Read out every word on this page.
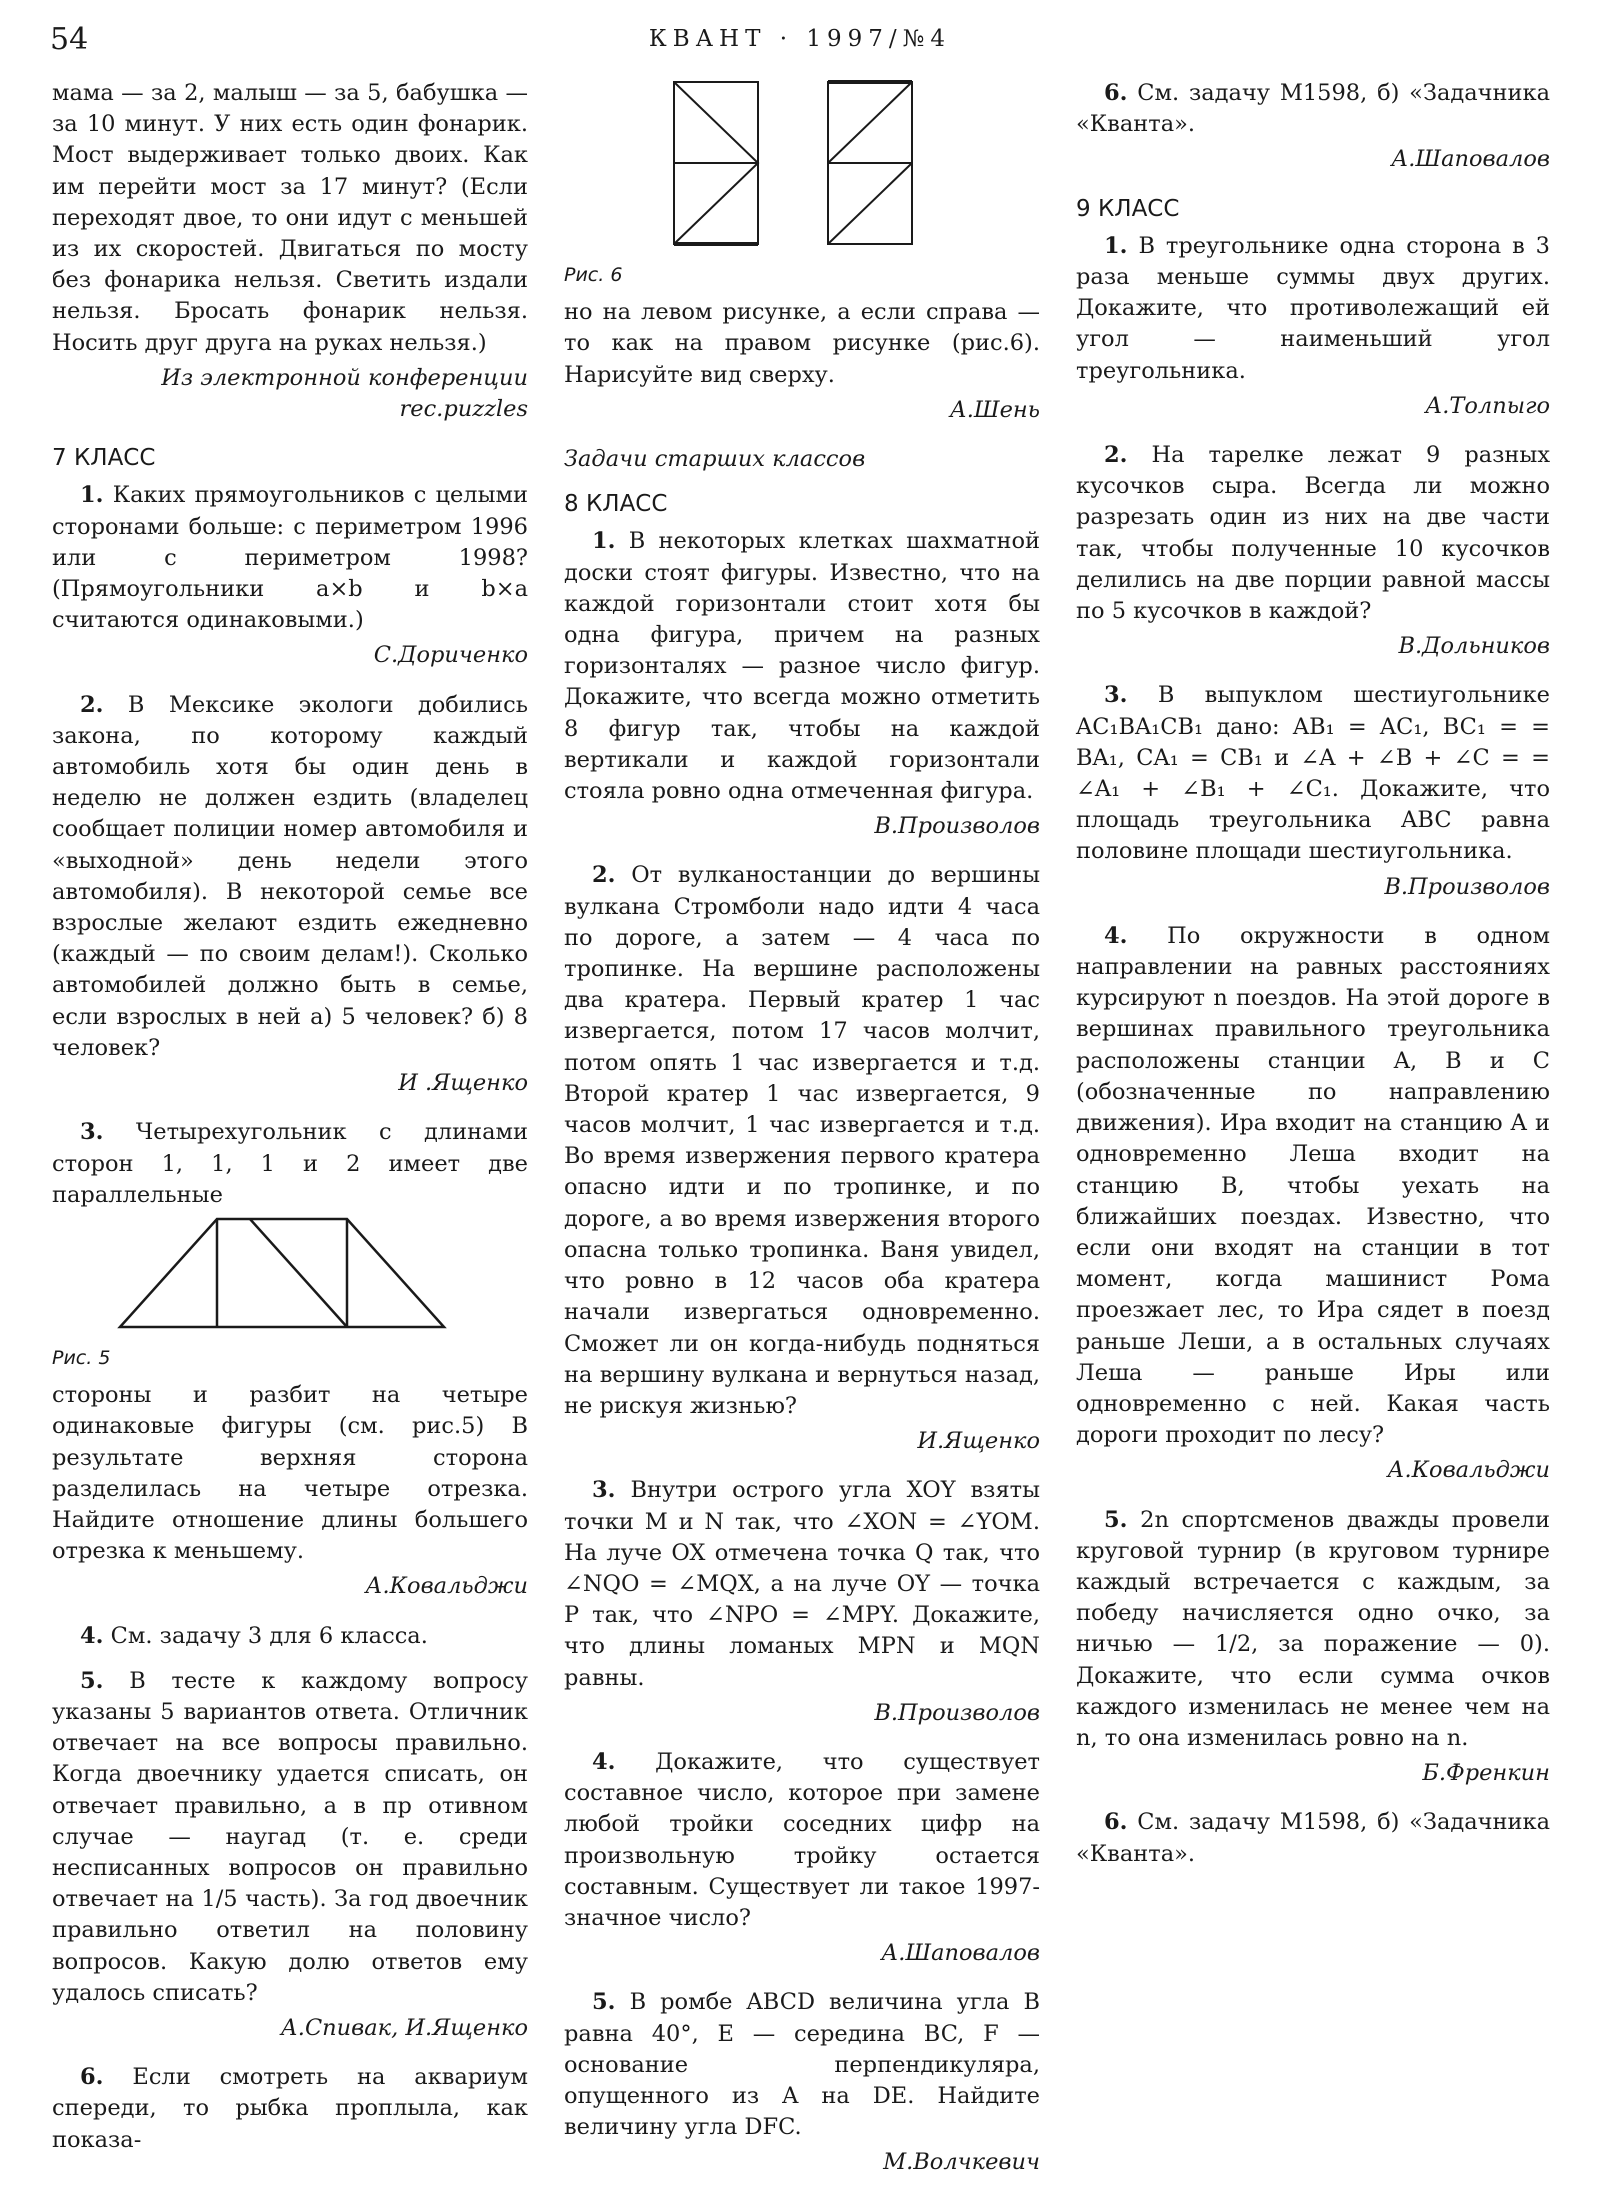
54	КВАНТ · 1997/№4

мама — за 2, малыш — за 5, бабушка — за 10 минут. У них есть один фонарик. Мост выдерживает только двоих. Как им перейти мост за 17 минут? (Если переходят двое, то они идут с меньшей из их скоростей. Двигаться по мосту без фонарика нельзя. Светить издали нельзя. Бросать фонарик нельзя. Носить друг друга на руках нельзя.)

Из электронной конференции
rec.puzzles
7 КЛАСС

1. Каких прямоугольников с целыми сторонами больше: с периметром 1996 или с периметром 1998? (Прямоугольники a×b и b×a считаются одинаковыми.)

С.Дориченко

2. В Мексике экологи добились закона, по которому каждый автомобиль хотя бы один день в неделю не должен ездить (владелец сообщает полиции номер автомобиля и «выходной» день недели этого автомобиля). В некоторой семье все взрослые желают ездить ежедневно (каждый — по своим делам!). Сколько автомобилей должно быть в семье, если взрослых в ней а) 5 человек? б) 8 человек?

И .Ященко

3. Четырехугольник с длинами сторон 1, 1, 1 и 2 имеет две параллельные

Рис. 5

стороны и разбит на четыре одинаковые фигуры (см. рис.5) В результате верхняя сторона разделилась на четыре отрезка. Найдите отношение длины большего отрезка к меньшему.

А.Ковальджи

4. См. задачу 3 для 6 класса.

5. В тесте к каждому вопросу указаны 5 вариантов ответа. Отличник отвечает на все вопросы правильно. Когда двоечнику удается списать, он отвечает правильно, а в пр отивном случае — наугад (т. е. среди несписанных вопросов он правильно отвечает на 1/5 часть). За год двоечник правильно ответил на половину вопросов. Какую долю ответов ему удалось списать?

А.Спивак, И.Ященко

6. Если смотреть на аквариум спереди, то рыбка проплыла, как показа-

Рис. 6

но на левом рисунке, а если справа — то как на правом рисунке (рис.6). Нарисуйте вид сверху.

А.Шень
Задачи старших классов
8 КЛАСС

1. В некоторых клетках шахматной доски стоят фигуры. Известно, что на каждой горизонтали стоит хотя бы одна фигура, причем на разных горизонталях — разное число фигур. Докажите, что всегда можно отметить 8 фигур так, чтобы на каждой вертикали и каждой горизонтали стояла ровно одна отмеченная фигура.

В.Произволов

2. От вулканостанции до вершины вулкана Стромболи надо идти 4 часа по дороге, а затем — 4 часа по тропинке. На вершине расположены два кратера. Первый кратер 1 час извергается, потом 17 часов молчит, потом опять 1 час извергается и т.д. Второй кратер 1 час извергается, 9 часов молчит, 1 час извергается и т.д. Во время извержения первого кратера опасно идти и по тропинке, и по дороге, а во время извержения второго опасна только тропинка. Ваня увидел, что ровно в 12 часов оба кратера начали извергаться одновременно. Сможет ли он когда-нибудь подняться на вершину вулкана и вернуться назад, не рискуя жизнью?

И.Ященко

3. Внутри острого угла XOY взяты точки M и N так, что ∠XON = ∠YOM. На луче OX отмечена точка Q так, что ∠NQO = ∠MQX, а на луче OY — точка P так, что ∠NPO = ∠MPY. Докажите, что длины ломаных MPN и MQN равны.

В.Произволов

4. Докажите, что существует составное число, которое при замене любой тройки соседних цифр на произвольную тройку остается составным. Существует ли такое 1997-значное число?

А.Шаповалов

5. В ромбе ABCD величина угла B равна 40°, E — середина BC, F — основание перпендикуляра, опущенного из A на DE. Найдите величину угла DFC.

М.Волчкевич

6. См. задачу М1598, б) «Задачника «Кванта».

А.Шаповалов
9 КЛАСС

1. В треугольнике одна сторона в 3 раза меньше суммы двух других. Докажите, что противолежащий ей угол — наименьший угол треугольника.

А.Толпыго

2. На тарелке лежат 9 разных кусочков сыра. Всегда ли можно разрезать один из них на две части так, чтобы полученные 10 кусочков делились на две порции равной массы по 5 кусочков в каждой?

В.Дольников

3. В выпуклом шестиугольнике AC₁BA₁CB₁ дано: AB₁ = AC₁, BC₁ = = BA₁, CA₁ = CB₁ и ∠A + ∠B + ∠C = = ∠A₁ + ∠B₁ + ∠C₁. Докажите, что площадь треугольника ABC равна половине площади шестиугольника.

В.Произволов

4. По окружности в одном направлении на равных расстояниях курсируют n поездов. На этой дороге в вершинах правильного треугольника расположены станции A, B и C (обозначенные по направлению движения). Ира входит на станцию A и одновременно Леша входит на станцию B, чтобы уехать на ближайших поездах. Известно, что если они входят на станции в тот момент, когда машинист Рома проезжает лес, то Ира сядет в поезд раньше Леши, а в остальных случаях Леша — раньше Иры или одновременно с ней. Какая часть дороги проходит по лесу?

А.Ковальджи

5. 2n спортсменов дважды провели круговой турнир (в круговом турнире каждый встречается с каждым, за победу начисляется одно очко, за ничью — 1/2, за поражение — 0). Докажите, что если сумма очков каждого изменилась не менее чем на n, то она изменилась ровно на n.

Б.Френкин

6. См. задачу М1598, б) «Задачника «Кванта».
